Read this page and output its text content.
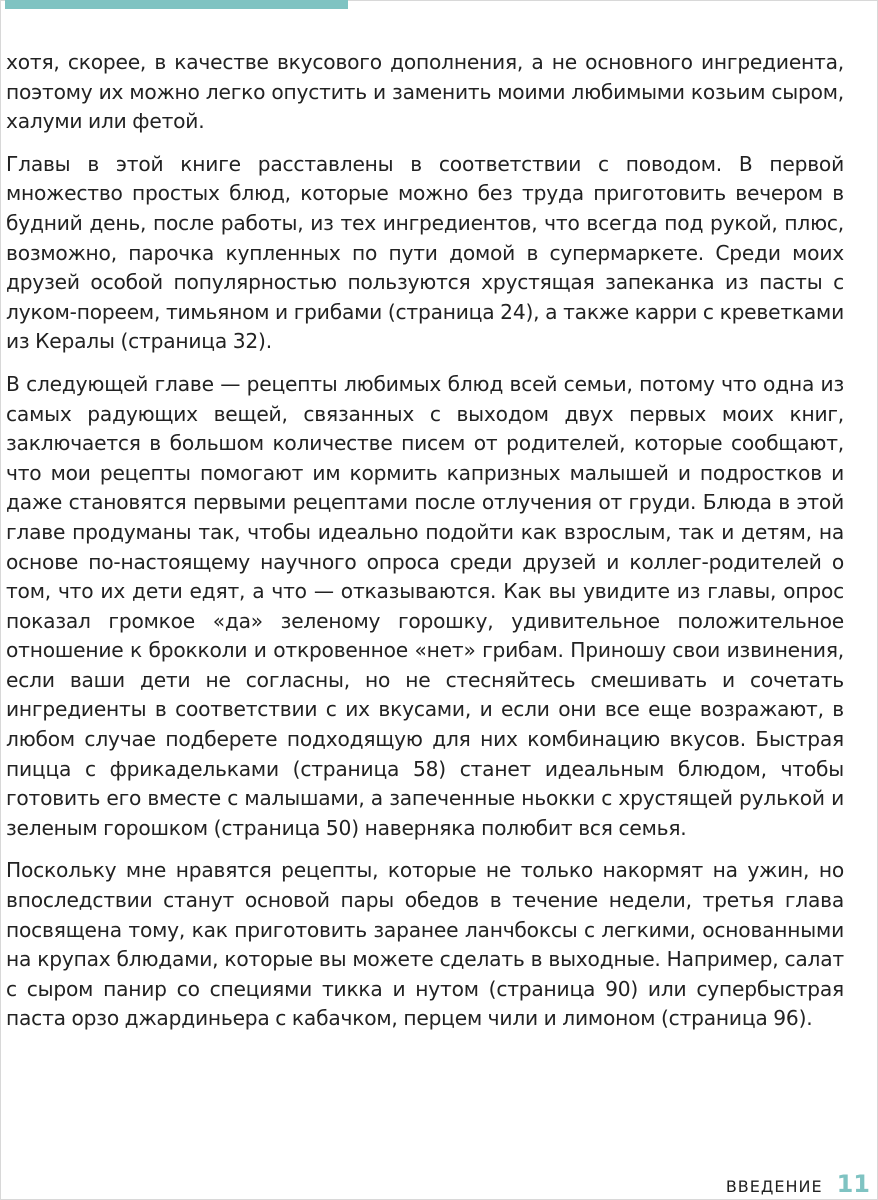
хотя, скорее, в качестве вкусового дополнения, а не основного ингредиента, поэтому их можно легко опустить и заменить моими любимыми козьим сыром, халуми или фетой.

Главы в этой книге расставлены в соответствии с поводом. В первой множество простых блюд, которые можно без труда приготовить вечером в будний день, после работы, из тех ингредиентов, что всегда под рукой, плюс, возможно, парочка купленных по пути домой в супермаркете. Среди моих друзей особой популярностью пользуются хрустящая запеканка из пасты с луком-пореем, тимьяном и грибами (страница 24), а также карри с креветками из Кералы (страница 32).

В следующей главе — рецепты любимых блюд всей семьи, потому что одна из самых радующих вещей, связанных с выходом двух первых моих книг, заключается в большом количестве писем от родителей, которые сообщают, что мои рецепты помогают им кормить капризных малышей и подростков и даже становятся первыми рецептами после отлучения от груди. Блюда в этой главе продуманы так, чтобы идеально подойти как взрослым, так и детям, на основе по-настоящему научного опроса среди друзей и коллег-родителей о том, что их дети едят, а что — отказываются. Как вы увидите из главы, опрос показал громкое «да» зеленому горошку, удивительное положительное отношение к брокколи и откровенное «нет» грибам. Приношу свои извинения, если ваши дети не согласны, но не стесняйтесь смешивать и сочетать ингредиенты в соответствии с их вкусами, и если они все еще возражают, в любом случае подберете подходящую для них комбинацию вкусов. Быстрая пицца с фрикадельками (страница 58) станет идеальным блюдом, чтобы готовить его вместе с малышами, а запеченные ньокки с хрустящей рулькой и зеленым горошком (страница 50) наверняка полюбит вся семья.

Поскольку мне нравятся рецепты, которые не только накормят на ужин, но впоследствии станут основой пары обедов в течение недели, третья глава посвящена тому, как приготовить заранее ланчбоксы с легкими, основанными на крупах блюдами, которые вы можете сделать в выходные. Например, салат с сыром панир со специями тикка и нутом (страница 90) или супербыстрая паста орзо джардиньера с кабачком, перцем чили и лимоном (страница 96).

ВВЕДЕНИЕ 11
